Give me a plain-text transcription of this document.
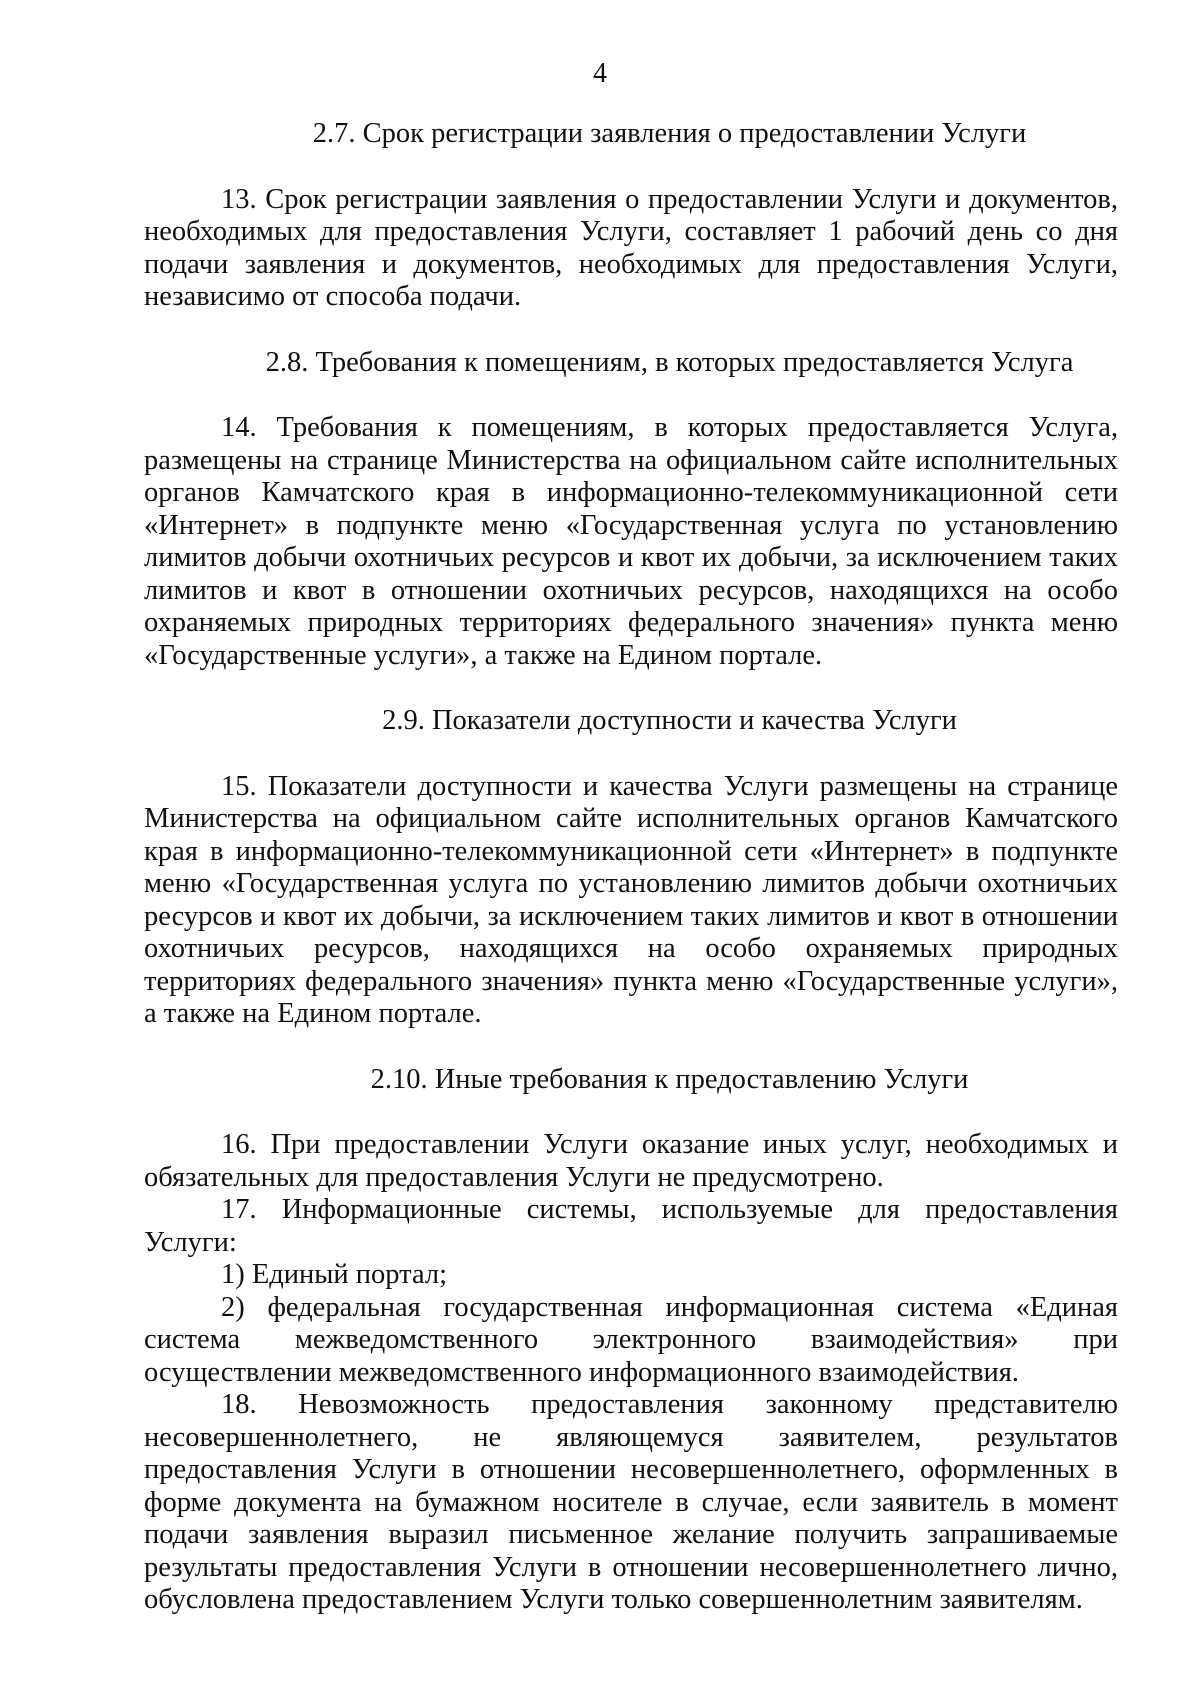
4

2.7. Срок регистрации заявления о предоставлении Услуги

13. Срок регистрации заявления о предоставлении Услуги и документов, необходимых для предоставления Услуги, составляет 1 рабочий день со дня подачи заявления и документов, необходимых для предоставления Услуги, независимо от способа подачи.

2.8. Требования к помещениям, в которых предоставляется Услуга

14. Требования к помещениям, в которых предоставляется Услуга, размещены на странице Министерства на официальном сайте исполнительных органов Камчатского края в информационно-телекоммуникационной сети «Интернет» в подпункте меню «Государственная услуга по установлению лимитов добычи охотничьих ресурсов и квот их добычи, за исключением таких лимитов и квот в отношении охотничьих ресурсов, находящихся на особо охраняемых природных территориях федерального значения» пункта меню «Государственные услуги», а также на Едином портале.

2.9. Показатели доступности и качества Услуги

15. Показатели доступности и качества Услуги размещены на странице Министерства на официальном сайте исполнительных органов Камчатского края в информационно-телекоммуникационной сети «Интернет» в подпункте меню «Государственная услуга по установлению лимитов добычи охотничьих ресурсов и квот их добычи, за исключением таких лимитов и квот в отношении охотничьих ресурсов, находящихся на особо охраняемых природных территориях федерального значения» пункта меню «Государственные услуги», а также на Едином портале.

2.10. Иные требования к предоставлению Услуги

16. При предоставлении Услуги оказание иных услуг, необходимых и обязательных для предоставления Услуги не предусмотрено.

17. Информационные системы, используемые для предоставления Услуги:

1) Единый портал;

2) федеральная государственная информационная система «Единая система межведомственного электронного взаимодействия» при осуществлении межведомственного информационного взаимодействия.

18. Невозможность предоставления законному представителю несовершеннолетнего, не являющемуся заявителем, результатов предоставления Услуги в отношении несовершеннолетнего, оформленных в форме документа на бумажном носителе в случае, если заявитель в момент подачи заявления выразил письменное желание получить запрашиваемые результаты предоставления Услуги в отношении несовершеннолетнего лично, обусловлена предоставлением Услуги только совершеннолетним заявителям.
